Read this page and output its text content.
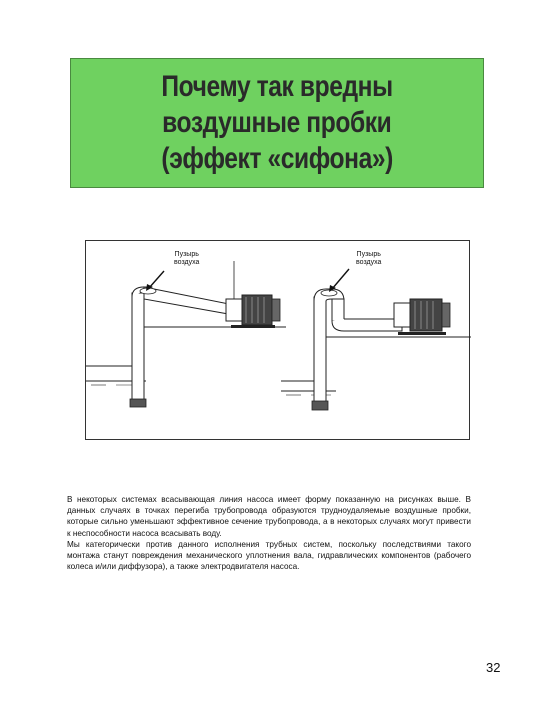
Почему так вредны
воздушные пробки
(эффект «сифона»)
Пузырь
воздуха
Пузырь
воздуха

В некоторых системах всасывающая линия насоса имеет форму показанную на рисунках выше. В данных случаях в точках перегиба трубопровода образуются трудноудаляемые воздушные пробки, которые сильно уменьшают эффективное сечение трубопровода, а в некоторых случаях могут привести к неспособности насоса всасывать воду.

Мы категорически против данного исполнения трубных систем, поскольку последствиями такого монтажа станут повреждения механического уплотнения вала, гидравлических компонентов (рабочего колеса и/или диффузора), а также электродвигателя насоса.

32
